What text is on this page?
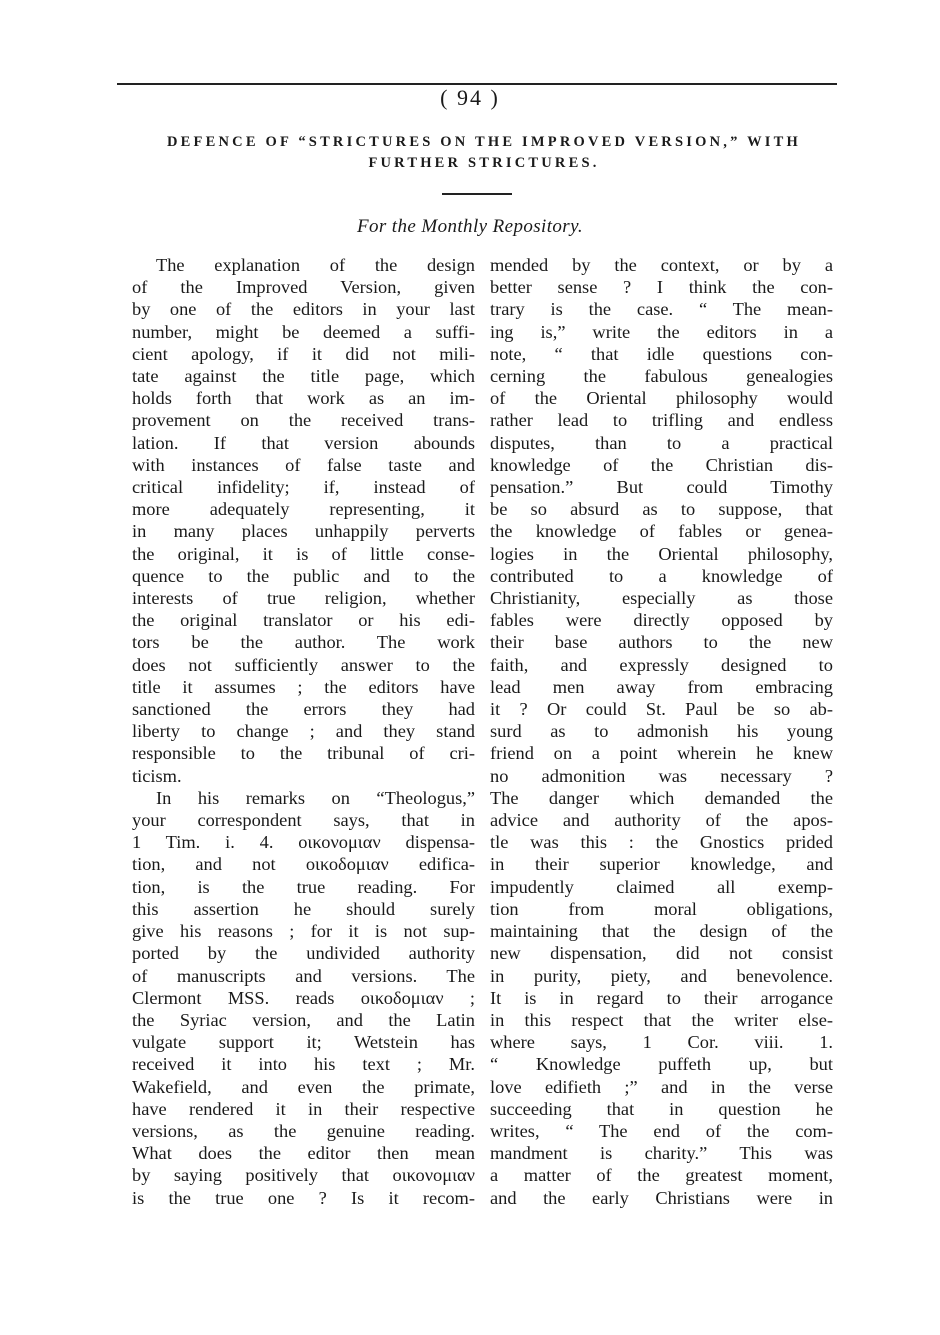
( 94 )
DEFENCE OF “STRICTURES ON THE IMPROVED VERSION,” WITH
FURTHER STRICTURES.
For the Monthly Repository.

The explanation of the design
of the Improved Version, given
by one of the editors in your last
number, might be deemed a suffi-
cient apology, if it did not mili-
tate against the title page, which
holds forth that work as an im-
provement on the received trans-
lation. If that version abounds
with instances of false taste and
critical infidelity; if, instead of
more adequately representing, it
in many places unhappily perverts
the original, it is of little conse-
quence to the public and to the
interests of true religion, whether
the original translator or his edi-
tors be the author. The work
does not sufficiently answer to the
title it assumes ; the editors have
sanctioned the errors they had
liberty to change ; and they stand
responsible to the tribunal of cri-
ticism.

In his remarks on “Theologus,”
your correspondent says, that in
1 Tim. i. 4. οικονομιαν dispensa-
tion, and not οικοδομιαν edifica-
tion, is the true reading. For
this assertion he should surely
give his reasons ; for it is not sup-
ported by the undivided authority
of manuscripts and versions. The
Clermont MSS. reads οικοδομιαν ;
the Syriac version, and the Latin
vulgate support it; Wetstein has
received it into his text ; Mr.
Wakefield, and even the primate,
have rendered it in their respective
versions, as the genuine reading.
What does the editor then mean
by saying positively that οικονομιαν
is the true one ? Is it recom-

mended by the context, or by a
better sense ? I think the con-
trary is the case. “ The mean-
ing is,” write the editors in a
note, “ that idle questions con-
cerning the fabulous genealogies
of the Oriental philosophy would
rather lead to trifling and endless
disputes, than to a practical
knowledge of the Christian dis-
pensation.” But could Timothy
be so absurd as to suppose, that
the knowledge of fables or genea-
logies in the Oriental philosophy,
contributed to a knowledge of
Christianity, especially as those
fables were directly opposed by
their base authors to the new
faith, and expressly designed to
lead men away from embracing
it ? Or could St. Paul be so ab-
surd as to admonish his young
friend on a point wherein he knew
no admonition was necessary ?
The danger which demanded the
advice and authority of the apos-
tle was this : the Gnostics prided
in their superior knowledge, and
impudently claimed all exemp-
tion from moral obligations,
maintaining that the design of the
new dispensation, did not consist
in purity, piety, and benevolence.
It is in regard to their arrogance
in this respect that the writer else-
where says, 1 Cor. viii. 1.
“ Knowledge puffeth up, but
love edifieth ;” and in the verse
succeeding that in question he
writes, “ The end of the com-
mandment is charity.” This was
a matter of the greatest moment,
and the early Christians were in
